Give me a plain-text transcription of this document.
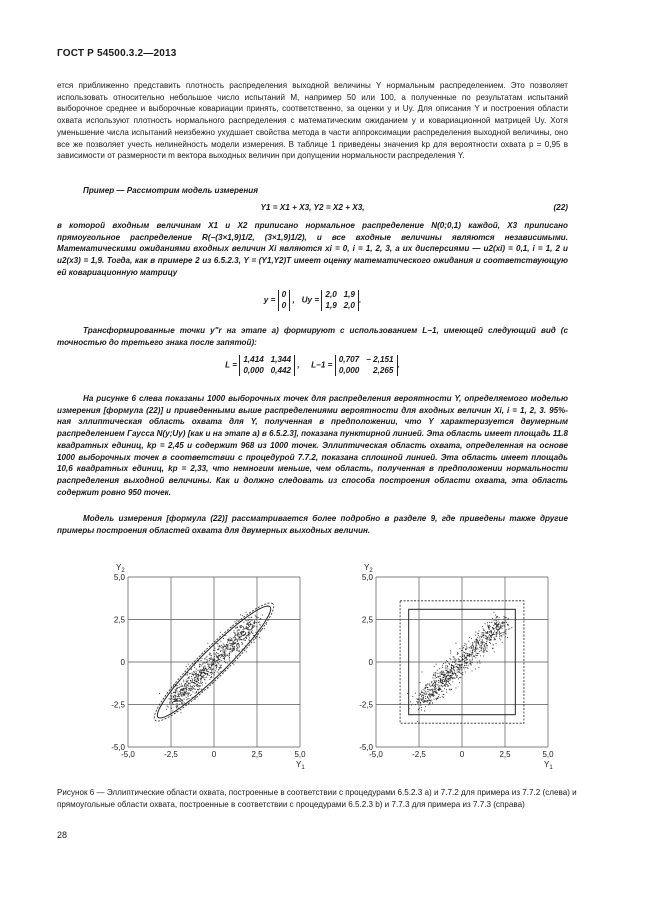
ГОСТ Р 54500.3.2—2013

ется приближенно представить плотность распределения выходной величины Y нормальным распределением. Это позволяет использовать относительно небольшое число испытаний M, например 50 или 100, а полученные по результатам испытаний выборочное среднее и выборочные ковариации принять, соответственно, за оценки y и Uy. Для описания Y и построения области охвата используют плотность нормального распределения с математическим ожиданием y и ковариационной матрицей Uy. Хотя уменьшение числа испытаний неизбежно ухудшает свойства метода в части аппроксимации распределения выходной величины, оно все же позволяет учесть нелинейность модели измерения. В таблице 1 приведены значения kp для вероятности охвата p = 0,95 в зависимости от размерности m вектора выходных величин при допущении нормальности распределения Y.

Пример — Рассмотрим модель измерения

Y1 = X1 + X3, Y2 = X2 + X3,	(22)

в которой входным величинам X1 и X2 приписано нормальное распределение N(0;0,1) каждой, X3 приписано прямоугольное распределение R(−(3×1,9)1/2, (3×1,9)1/2), и все входные величины являются независимыми. Математическими ожиданиями входных величин Xi являются xi = 0, i = 1, 2, 3, а их дисперсиями — u2(xi) = 0,1, i = 1, 2 и u2(x3) = 1,9. Тогда, как в примере 2 из 6.5.2.3, Y = (Y1,Y2)T имеет оценку математического ожидания и соответствующую ей ковариационную матрицу

y =
0
0
,   Uy =
2,0   1,9
1,9   2,0
.

Трансформированные точки y"r на этапе а) формируют с использованием L−1, имеющей следующий вид (с точностью до третьего знака после запятой):

L =
1,414   1,344
0,000   0,442
,     L−1 =
0,707   − 2,151
0,000      2,265
.

На рисунке 6 слева показаны 1000 выборочных точек для распределения вероятности Y, определяемого моделью измерения [формула (22)] и приведенными выше распределениями вероятности для входных величин Xi, i = 1, 2, 3. 95%-ная эллиптическая область охвата для Y, полученная в предположении, что Y характеризуется двумерным распределением Гаусса N(y;Uy) [как и на этапе а) в 6.5.2.3], показана пунктирной линией. Эта область имеет площадь 11.8 квадратных единиц, kp = 2,45 и содержит 968 из 1000 точек. Эллиптическая область охвата, определенная на основе 1000 выборочных точек в соответствии с процедурой 7.7.2, показана сплошной линией. Эта область имеет площадь 10,6 квадратных единиц, kp = 2,33, что немногим меньше, чем область, полученная в предположении нормальности распределения выходной величины. Как и должно следовать из способа построения области охвата, эта область содержит ровно 950 точек.

Модель измерения [формула (22)] рассматривается более подробно в разделе 9, где приведены также другие примеры построения областей охвата для двумерных выходных величин.

5,0
2,5
0
-2,5
-5,0
-5,0	-2,5	0	2,5	5,0
$Y_2$
$Y_1$
5,0
2,5
0
-2,5
-5,0
-5,0	-2,5	0	2,5	5,0
$Y_2$
$Y_1$

Рисунок 6 — Эллиптические области охвата, построенные в соответствии с процедурами 6.5.2.3 а) и 7.7.2 для примера из 7.7.2 (слева) и прямоугольные области охвата, построенные в соответствии с процедурами 6.5.2.3 b) и 7.7.3 для примера из 7.7.3 (справа)

28
